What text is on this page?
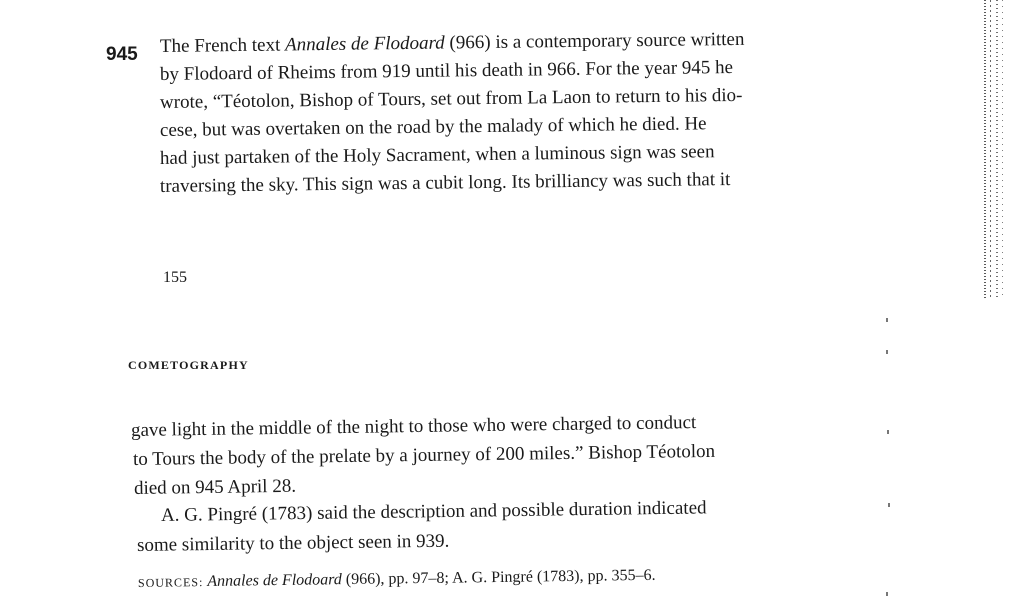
945 The French text Annales de Flodoard (966) is a contemporary source written
by Flodoard of Rheims from 919 until his death in 966. For the year 945 he
wrote, “Téotolon, Bishop of Tours, set out from La Laon to return to his dio-
cese, but was overtaken on the road by the malady of which he died. He
had just partaken of the Holy Sacrament, when a luminous sign was seen
traversing the sky. This sign was a cubit long. Its brilliancy was such that it
155
COMETOGRAPHY
gave light in the middle of the night to those who were charged to conduct
to Tours the body of the prelate by a journey of 200 miles.” Bishop Téotolon
died on 945 April 28.
A. G. Pingré (1783) said the description and possible duration indicated
some similarity to the object seen in 939.
SOURCES: Annales de Flodoard (966), pp. 97–8; A. G. Pingré (1783), pp. 355–6.
